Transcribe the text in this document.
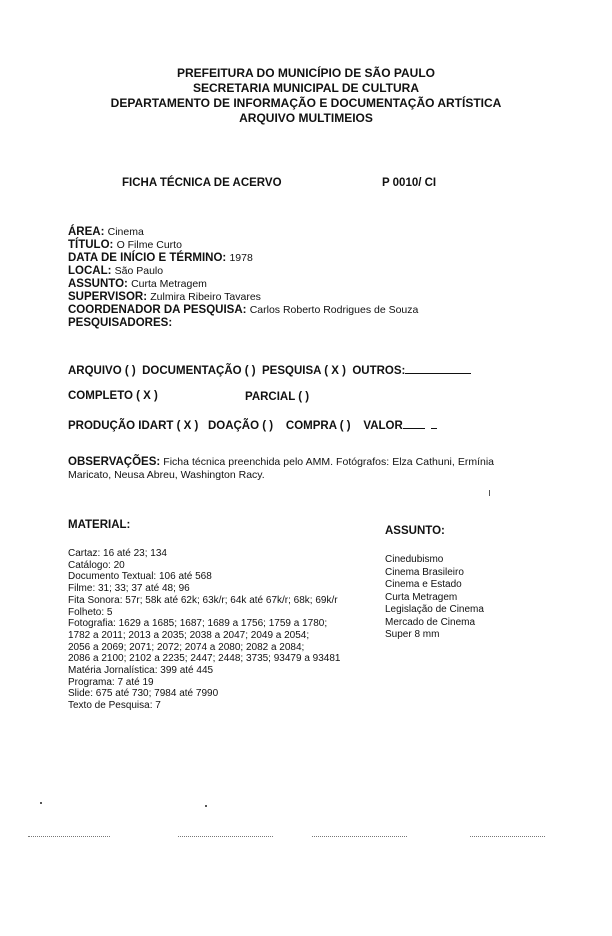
PREFEITURA DO MUNICÍPIO DE SÃO PAULO
SECRETARIA MUNICIPAL DE CULTURA
DEPARTAMENTO DE INFORMAÇÃO E DOCUMENTAÇÃO ARTÍSTICA
ARQUIVO MULTIMEIOS
FICHA TÉCNICA DE ACERVO	P 0010/ CI
ÁREA: Cinema
TÍTULO: O Filme Curto
DATA DE INÍCIO E TÉRMINO: 1978
LOCAL: São Paulo
ASSUNTO: Curta Metragem
SUPERVISOR: Zulmira Ribeiro Tavares
COORDENADOR DA PESQUISA: Carlos Roberto Rodrigues de Souza
PESQUISADORES:
ARQUIVO ( ) DOCUMENTAÇÃO ( ) PESQUISA ( X ) OUTROS:
COMPLETO ( X )	PARCIAL ( )
PRODUÇÃO IDART ( X ) DOAÇÃO ( ) COMPRA ( ) VALOR
OBSERVAÇÕES: Ficha técnica preenchida pelo AMM. Fotógrafos: Elza Cathuni, Ermínia Maricato, Neusa Abreu, Washington Racy.
MATERIAL:	ASSUNTO:
Cartaz: 16 até 23; 134
Catálogo: 20
Documento Textual: 106 até 568
Filme: 31; 33; 37 até 48; 96
Fita Sonora: 57r; 58k até 62k; 63k/r; 64k até 67k/r; 68k; 69k/r
Folheto: 5
Fotografia: 1629 a 1685; 1687; 1689 a 1756; 1759 a 1780;
1782 a 2011; 2013 a 2035; 2038 a 2047; 2049 a 2054;
2056 a 2069; 2071; 2072; 2074 a 2080; 2082 a 2084;
2086 a 2100; 2102 a 2235; 2447; 2448; 3735; 93479 a 93481
Matéria Jornalística: 399 até 445
Programa: 7 até 19
Slide: 675 até 730; 7984 até 7990
Texto de Pesquisa: 7
Cinedubismo
Cinema Brasileiro
Cinema e Estado
Curta Metragem
Legislação de Cinema
Mercado de Cinema
Super 8 mm
